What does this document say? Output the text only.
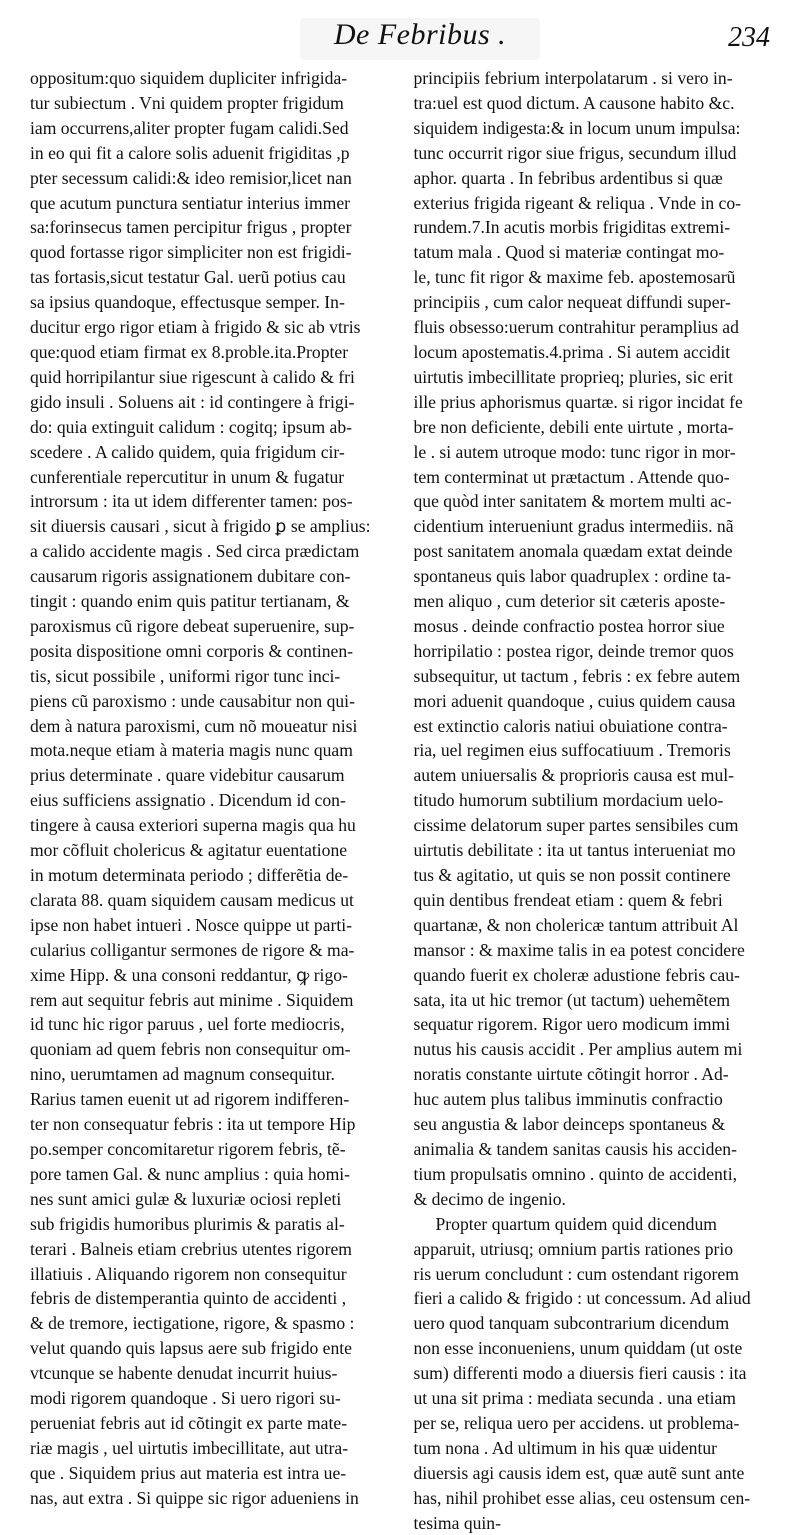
De Febribus .	234
oppositum:quo siquidem dupliciter infrigida-
tur subiectum . Vni quidem propter frigidum
iam occurrens,aliter propter fugam calidi.Sed
in eo qui fit a calore solis aduenit frigiditas ,p
pter secessum calidi:& ideo remisior,licet nan
que acutum punctura sentiatur interius immer
sa:forinsecus tamen percipitur frigus , propter
quod fortasse rigor simpliciter non est frigidi-
tas fortasis,sicut testatur Gal. uerũ potius cau
sa ipsius quandoque, effectusque semper. In-
ducitur ergo rigor etiam à frigido & sic ab vtris
que:quod etiam firmat ex 8.proble.ita.Propter
quid horripilantur siue rigescunt à calido & fri
gido insuli . Soluens ait : id contingere à frigi-
do: quia extinguit calidum : cogitq; ipsum ab-
scedere . A calido quidem, quia frigidum cir-
cunferentiale repercutitur in unum & fugatur
introrsum : ita ut idem differenter tamen: pos-
sit diuersis causari , sicut à frigido ꝑ se amplius:
a calido accidente magis . Sed circa prædictam
causarum rigoris assignationem dubitare con-
tingit : quando enim quis patitur tertianam, &
paroxismus cũ rigore debeat superuenire, sup-
posita dispositione omni corporis & continen-
tis, sicut possibile , uniformi rigor tunc inci-
piens cũ paroxismo : unde causabitur non qui-
dem à natura paroxismi, cum nõ moueatur nisi
mota.neque etiam à materia magis nunc quam
prius determinate . quare videbitur causarum
eius sufficiens assignatio . Dicendum id con-
tingere à causa exteriori superna magis qua hu
mor cõfluit cholericus & agitatur euentatione
in motum determinata periodo ; differẽtia de-
clarata 88. quam siquidem causam medicus ut
ipse non habet intueri . Nosce quippe ut parti-
cularius colligantur sermones de rigore & ma-
xime Hipp. & una consoni reddantur, ꝙ rigo-
rem aut sequitur febris aut minime . Siquidem
id tunc hic rigor paruus , uel forte mediocris,
quoniam ad quem febris non consequitur om-
nino, uerumtamen ad magnum consequitur.
Rarius tamen euenit ut ad rigorem indifferen-
ter non consequatur febris : ita ut tempore Hip
po.semper concomitaretur rigorem febris, tẽ-
pore tamen Gal. & nunc amplius : quia homi-
nes sunt amici gulæ & luxuriæ ociosi repleti
sub frigidis humoribus plurimis & paratis al-
terari . Balneis etiam crebrius utentes rigorem
illatiuis . Aliquando rigorem non consequitur
febris de distemperantia quinto de accidenti ,
& de tremore, iectigatione, rigore, & spasmo :
velut quando quis lapsus aere sub frigido ente
vtcunque se habente denudat incurrit huius-
modi rigorem quandoque . Si uero rigori su-
perueniat febris aut id cõtingit ex parte mate-
riæ magis , uel uirtutis imbecillitate, aut utra-
que . Siquidem prius aut materia est intra ue-
nas, aut extra . Si quippe sic rigor adueniens in
principiis febrium interpolatarum . si vero in-
tra:uel est quod dictum. A causone habito &c.
siquidem indigesta:& in locum unum impulsa:
tunc occurrit rigor siue frigus, secundum illud
aphor. quarta . In febribus ardentibus si quæ
exterius frigida rigeant & reliqua . Vnde in co-
rundem.7.In acutis morbis frigiditas extremi-
tatum mala . Quod si materiæ contingat mo-
le, tunc fit rigor & maxime feb. apostemosarũ
principiis , cum calor nequeat diffundi super-
fluis obsesso:uerum contrahitur peramplius ad
locum apostematis.4.prima . Si autem accidit
uirtutis imbecillitate proprieq; pluries, sic erit
ille prius aphorismus quartæ. si rigor incidat fe
bre non deficiente, debili ente uirtute , morta-
le . si autem utroque modo: tunc rigor in mor-
tem conterminat ut prætactum . Attende quo-
que quòd inter sanitatem & mortem multi ac-
cidentium interueniunt gradus intermediis. nã
post sanitatem anomala quædam extat deinde
spontaneus quis labor quadruplex : ordine ta-
men aliquo , cum deterior sit cæteris aposte-
mosus . deinde confractio postea horror siue
horripilatio : postea rigor, deinde tremor quos
subsequitur, ut tactum , febris : ex febre autem
mori aduenit quandoque , cuius quidem causa
est extinctio caloris natiui obuiatione contra-
ria, uel regimen eius suffocatiuum . Tremoris
autem uniuersalis & proprioris causa est mul-
titudo humorum subtilium mordacium uelo-
cissime delatorum super partes sensibiles cum
uirtutis debilitate : ita ut tantus interueniat mo
tus & agitatio, ut quis se non possit continere
quin dentibus frendeat etiam : quem & febri
quartanæ, & non cholericæ tantum attribuit Al
mansor : & maxime talis in ea potest concidere
quando fuerit ex choleræ adustione febris cau-
sata, ita ut hic tremor (ut tactum) uehemẽtem
sequatur rigorem. Rigor uero modicum immi
nutus his causis accidit . Per amplius autem mi
noratis constante uirtute cõtingit horror . Ad-
huc autem plus talibus imminutis confractio
seu angustia & labor deinceps spontaneus &
animalia & tandem sanitas causis his acciden-
tium propulsatis omnino . quinto de accidenti,
& decimo de ingenio.
Propter quartum quidem quid dicendum
apparuit, utriusq; omnium partis rationes prio
ris uerum concludunt : cum ostendant rigorem
fieri a calido & frigido : ut concessum. Ad aliud
uero quod tanquam subcontrarium dicendum
non esse inconueniens, unum quiddam (ut oste
sum) differenti modo a diuersis fieri causis : ita
ut una sit prima : mediata secunda . una etiam
per se, reliqua uero per accidens. ut problema-
tum nona . Ad ultimum in his quæ uidentur
diuersis agi causis idem est, quæ autẽ sunt ante
has, nihil prohibet esse alias, ceu ostensum cen-
tesima quin-
